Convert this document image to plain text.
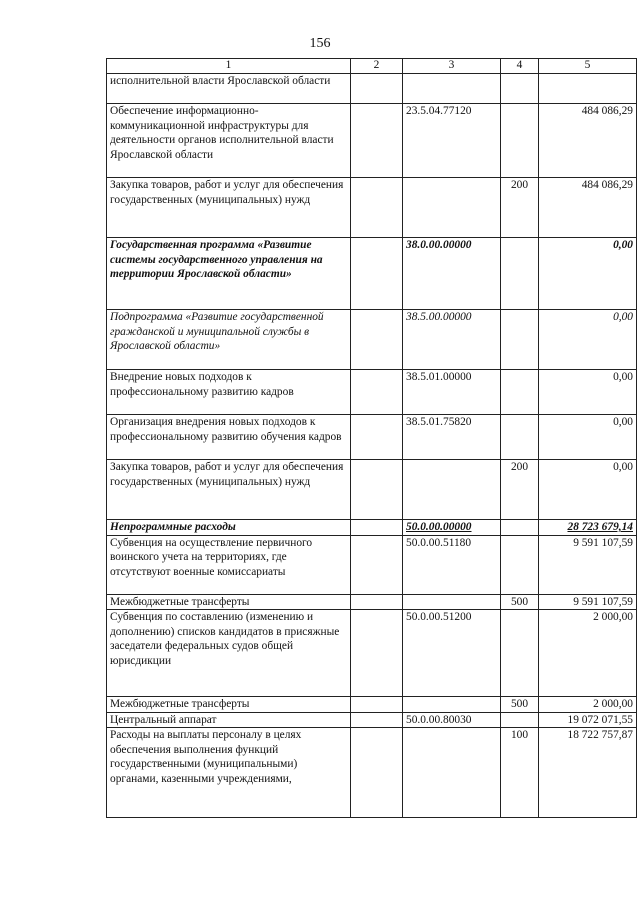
156
1	2	3	4	5
исполнительной власти Ярославской области				
Обеспечение информационно-коммуникационной инфраструктуры для деятельности органов исполнительной власти Ярославской области		23.5.04.77120		484 086,29
Закупка товаров, работ и услуг для обеспечения государственных (муниципальных) нужд			200	484 086,29
Государственная программа «Развитие системы государственного управления на территории Ярославской области»		38.0.00.00000		0,00
Подпрограмма «Развитие государственной гражданской и муниципальной службы в Ярославской области»		38.5.00.00000		0,00
Внедрение новых подходов к профессиональному развитию кадров		38.5.01.00000		0,00
Организация внедрения новых подходов к профессиональному развитию обучения кадров		38.5.01.75820		0,00
Закупка товаров, работ и услуг для обеспечения государственных (муниципальных) нужд			200	0,00
Непрограммные расходы		50.0.00.00000		28 723 679,14
Субвенция на осуществление первичного воинского учета на территориях, где отсутствуют военные комиссариаты		50.0.00.51180		9 591 107,59
Межбюджетные трансферты			500	9 591 107,59
Субвенция по составлению (изменению и дополнению) списков кандидатов в присяжные заседатели федеральных судов общей юрисдикции		50.0.00.51200		2 000,00
Межбюджетные трансферты			500	2 000,00
Центральный аппарат		50.0.00.80030		19 072 071,55
Расходы на выплаты персоналу в целях обеспечения выполнения функций государственными (муниципальными) органами, казенными учреждениями,			100	18 722 757,87
